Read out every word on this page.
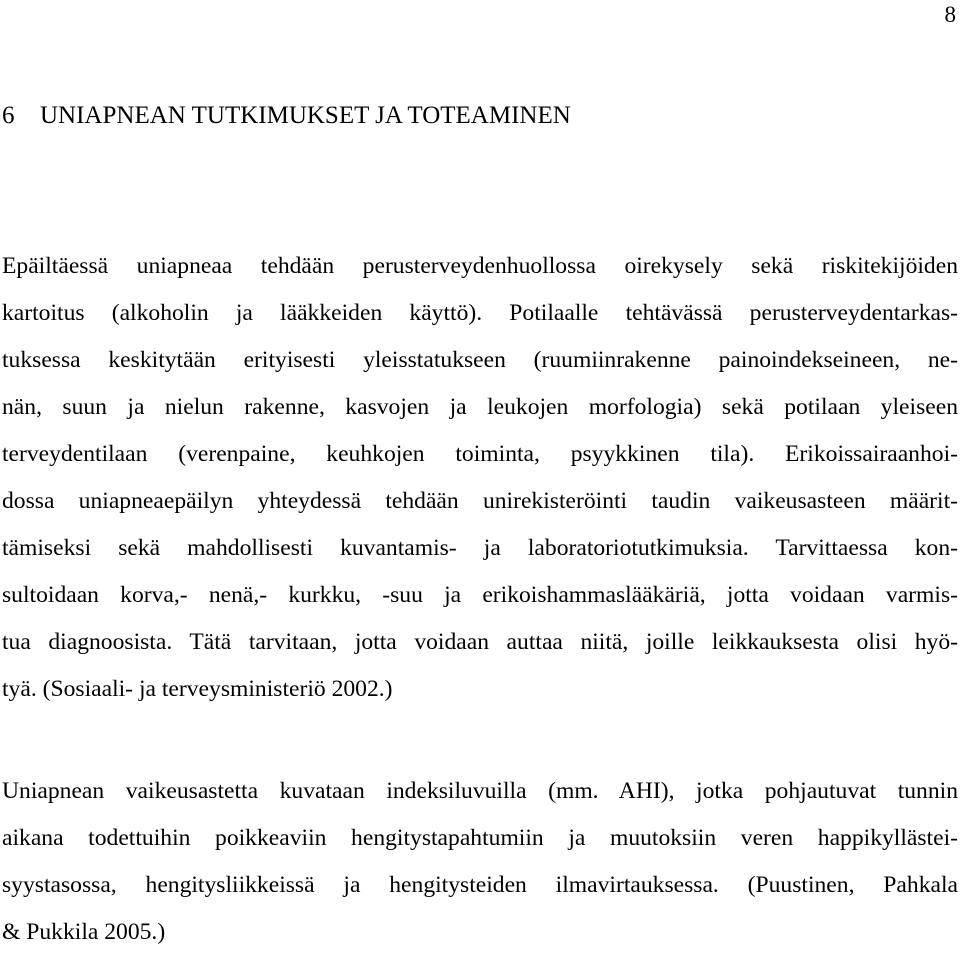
8
6 UNIAPNEAN TUTKIMUKSET JA TOTEAMINEN
Epäiltäessä uniapneaa tehdään perusterveydenhuollossa oirekysely sekä riskitekijöiden
kartoitus (alkoholin ja lääkkeiden käyttö). Potilaalle tehtävässä perusterveydentarkas-
tuksessa keskitytään erityisesti yleisstatukseen (ruumiinrakenne painoindekseineen, ne-
nän, suun ja nielun rakenne, kasvojen ja leukojen morfologia) sekä potilaan yleiseen
terveydentilaan (verenpaine, keuhkojen toiminta, psyykkinen tila). Erikoissairaanhoi-
dossa uniapneaepäilyn yhteydessä tehdään unirekisteröinti taudin vaikeusasteen määrit-
tämiseksi sekä mahdollisesti kuvantamis- ja laboratoriotutkimuksia. Tarvittaessa kon-
sultoidaan korva,- nenä,- kurkku, -suu ja erikoishammaslääkäriä, jotta voidaan varmis-
tua diagnoosista. Tätä tarvitaan, jotta voidaan auttaa niitä, joille leikkauksesta olisi hyö-
tyä. (Sosiaali- ja terveysministeriö 2002.)
Uniapnean vaikeusastetta kuvataan indeksiluvuilla (mm. AHI), jotka pohjautuvat tunnin
aikana todettuihin poikkeaviin hengitystapahtumiin ja muutoksiin veren happikyllästei-
syystasossa, hengitysliikkeissä ja hengitysteiden ilmavirtauksessa. (Puustinen, Pahkala
& Pukkila 2005.)
